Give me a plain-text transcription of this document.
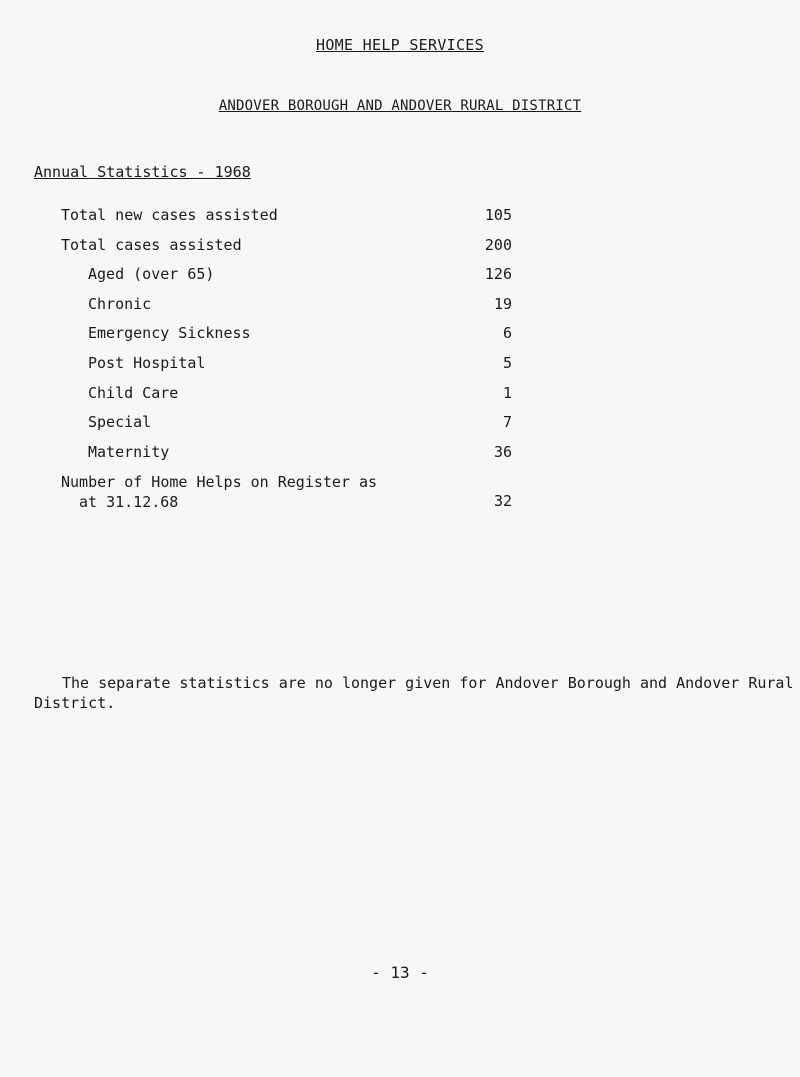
HOME HELP SERVICES
ANDOVER BOROUGH AND ANDOVER RURAL DISTRICT
Annual Statistics - 1968
Total new cases assisted	105
Total cases assisted	200
Aged (over 65)	126
Chronic	19
Emergency Sickness	6
Post Hospital	5
Child Care	1
Special	7
Maternity	36
Number of Home Helps on Register as
at 31.12.68	32

The separate statistics are no longer given for Andover Borough and Andover Rural District.

- 13 -
